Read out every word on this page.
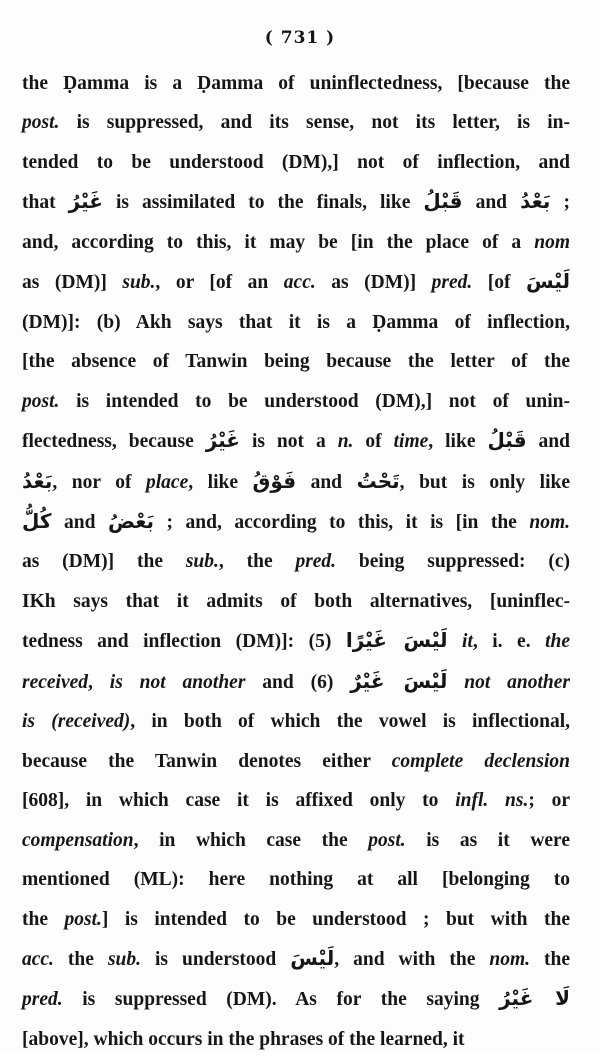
( 731 )
the Ḍamma is a Ḍamma of uninflectedness, [because the
post. is suppressed, and its sense, not its letter, is in-
tended to be understood (DM),] not of inflection, and
that غَيْرُ is assimilated to the finals, like قَبْلُ and بَعْدُ ;
and, according to this, it may be [in the place of a nom
as (DM)] sub., or [of an acc. as (DM)] pred. [of لَيْسَ
(DM)]: (b) Akh says that it is a Ḍamma of inflection,
[the absence of Tanwin being because the letter of the
post. is intended to be understood (DM),] not of unin-
flectedness, because غَيْرُ is not a n. of time, like قَبْلُ and
بَعْدُ, nor of place, like فَوْقُ and تَحْتُ, but is only like
كُلُّ and بَعْضُ ; and, according to this, it is [in the nom.
as (DM)] the sub., the pred. being suppressed: (c)
IKh says that it admits of both alternatives, [uninflec-
tedness and inflection (DM)]: (5) لَيْسَ غَيْرًا it, i. e. the
received, is not another and (6) لَيْسَ غَيْرٌ not another
is (received), in both of which the vowel is inflectional,
because the Tanwin denotes either complete declension
[608], in which case it is affixed only to infl. ns.; or
compensation, in which case the post. is as it were
mentioned (ML): here nothing at all [belonging to
the post.] is intended to be understood ; but with the
acc. the sub. is understood لَيْسَ, and with the nom. the
pred. is suppressed (DM). As for the saying لَا غَيْرُ
[above], which occurs in the phrases of the learned, it
